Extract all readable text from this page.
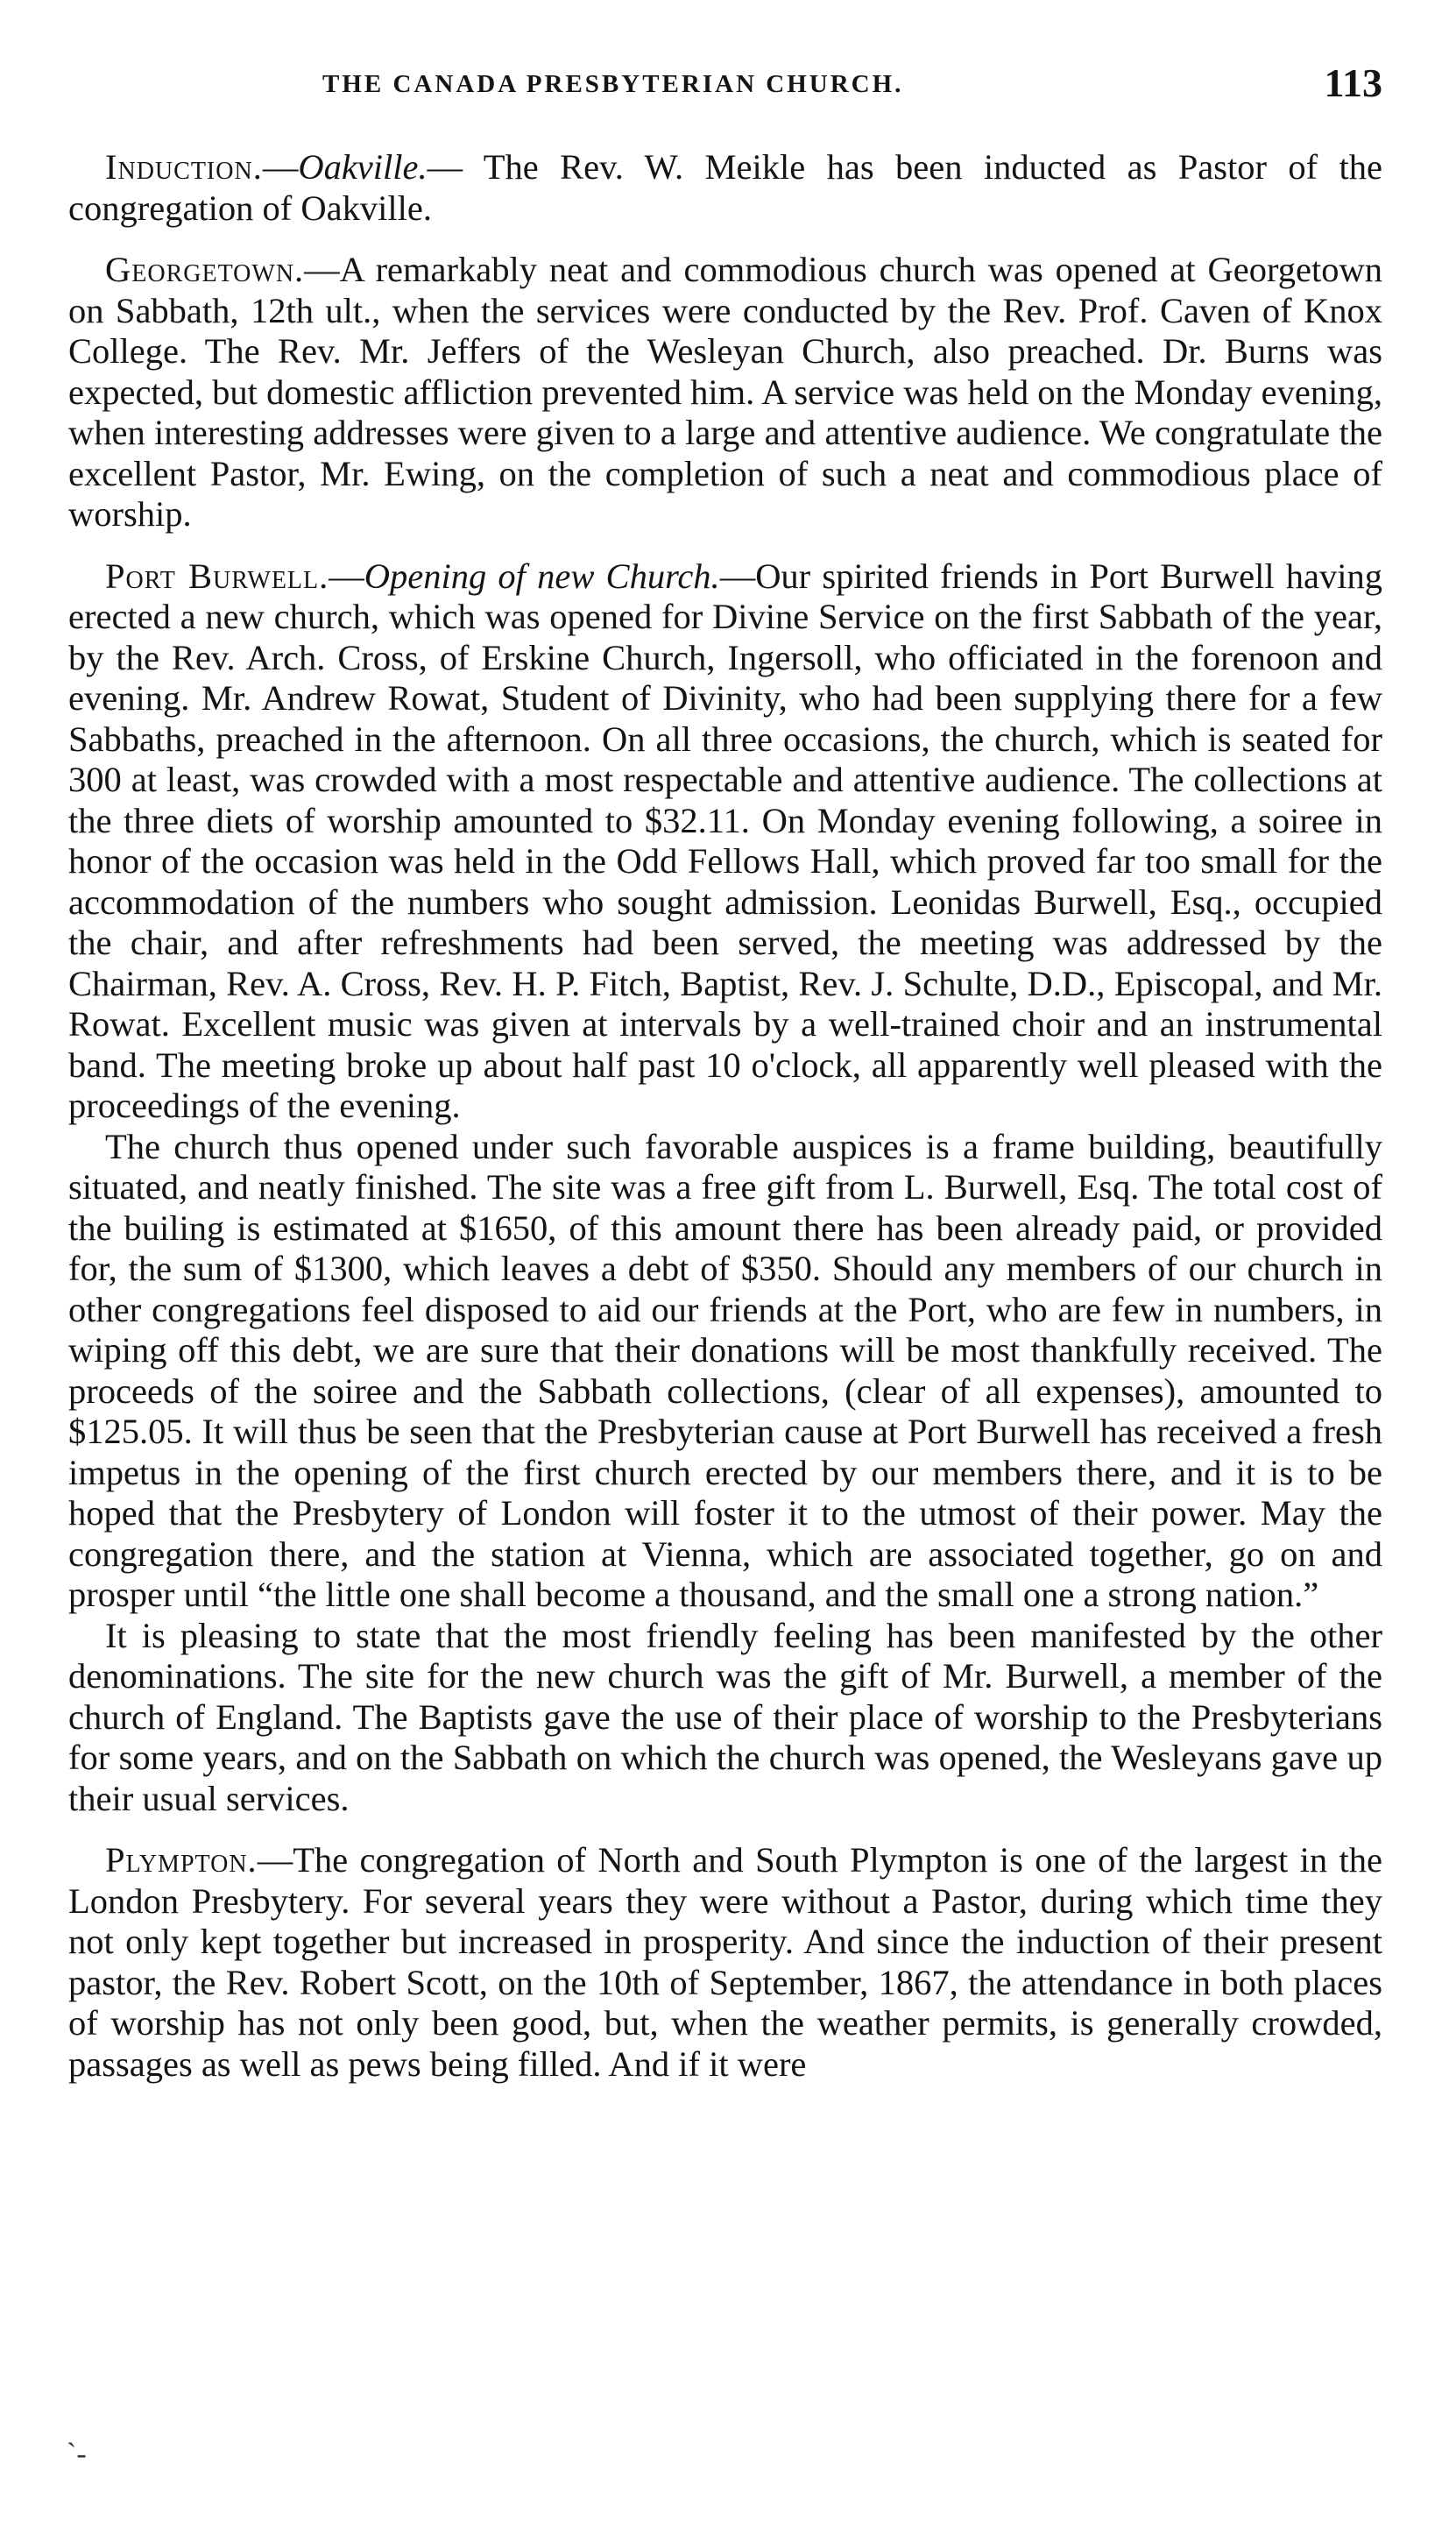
THE CANADA PRESBYTERIAN CHURCH.	113

Induction.—Oakville.— The Rev. W. Meikle has been inducted as Pastor of the congregation of Oakville.

Georgetown.—A remarkably neat and commodious church was opened at Georgetown on Sabbath, 12th ult., when the services were conducted by the Rev. Prof. Caven of Knox College. The Rev. Mr. Jeffers of the Wesleyan Church, also preached. Dr. Burns was expected, but domestic affliction prevented him. A service was held on the Monday evening, when interesting addresses were given to a large and attentive audience. We congratulate the excellent Pastor, Mr. Ewing, on the completion of such a neat and commodious place of worship.

Port Burwell.—Opening of new Church.—Our spirited friends in Port Burwell having erected a new church, which was opened for Divine Service on the first Sabbath of the year, by the Rev. Arch. Cross, of Erskine Church, Ingersoll, who officiated in the forenoon and evening. Mr. Andrew Rowat, Student of Divinity, who had been supplying there for a few Sabbaths, preached in the afternoon. On all three occasions, the church, which is seated for 300 at least, was crowded with a most respectable and attentive audience. The collections at the three diets of worship amounted to $32.11. On Monday evening following, a soiree in honor of the occasion was held in the Odd Fellows Hall, which proved far too small for the accommodation of the numbers who sought admission. Leonidas Burwell, Esq., occupied the chair, and after refreshments had been served, the meeting was addressed by the Chairman, Rev. A. Cross, Rev. H. P. Fitch, Baptist, Rev. J. Schulte, D.D., Episcopal, and Mr. Rowat. Excellent music was given at intervals by a well-trained choir and an instrumental band. The meeting broke up about half past 10 o'clock, all apparently well pleased with the proceedings of the evening.

The church thus opened under such favorable auspices is a frame building, beautifully situated, and neatly finished. The site was a free gift from L. Burwell, Esq. The total cost of the builing is estimated at $1650, of this amount there has been already paid, or provided for, the sum of $1300, which leaves a debt of $350. Should any members of our church in other congregations feel disposed to aid our friends at the Port, who are few in numbers, in wiping off this debt, we are sure that their donations will be most thankfully received. The proceeds of the soiree and the Sabbath collections, (clear of all expenses), amounted to $125.05. It will thus be seen that the Presbyterian cause at Port Burwell has received a fresh impetus in the opening of the first church erected by our members there, and it is to be hoped that the Presbytery of London will foster it to the utmost of their power. May the congregation there, and the station at Vienna, which are associated together, go on and prosper until “the little one shall become a thousand, and the small one a strong nation.”

It is pleasing to state that the most friendly feeling has been manifested by the other denominations. The site for the new church was the gift of Mr. Burwell, a member of the church of England. The Baptists gave the use of their place of worship to the Presbyterians for some years, and on the Sabbath on which the church was opened, the Wesleyans gave up their usual services.

Plympton.—The congregation of North and South Plympton is one of the largest in the London Presbytery. For several years they were without a Pastor, during which time they not only kept together but increased in prosperity. And since the induction of their present pastor, the Rev. Robert Scott, on the 10th of September, 1867, the attendance in both places of worship has not only been good, but, when the weather permits, is generally crowded, passages as well as pews being filled. And if it were

`-
